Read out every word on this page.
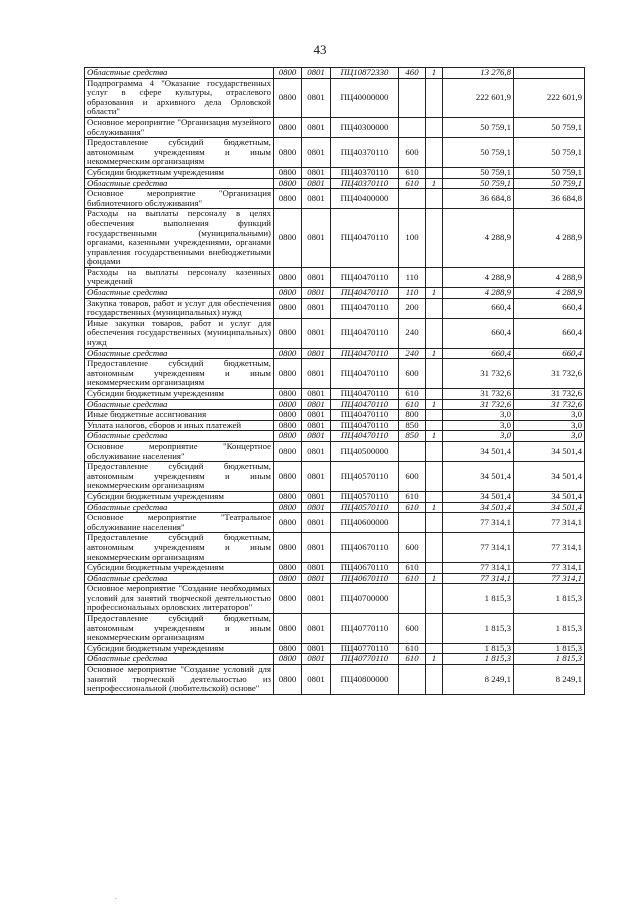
43
Областные средства	0800	0801	ПЦ10872330	460	1	13 276,8	
Подпрограмма 4 "Оказание государственных услуг в сфере культуры, отраслевого образования и архивного дела Орловской области"	0800	0801	ПЦ40000000			222 601,9	222 601,9
Основное мероприятие "Организация музейного обслуживания"	0800	0801	ПЦ40300000			50 759,1	50 759,1
Предоставление субсидий бюджетным, автономным учреждениям и иным некоммерческим организациям	0800	0801	ПЦ40370110	600		50 759,1	50 759,1
Субсидии бюджетным учреждениям	0800	0801	ПЦ40370110	610		50 759,1	50 759,1
Областные средства	0800	0801	ПЦ40370110	610	1	50 759,1	50 759,1
Основное мероприятие "Организация библиотечного обслуживания"	0800	0801	ПЦ40400000			36 684,8	36 684,8
Расходы на выплаты персоналу в целях обеспечения выполнения функций государственными (муниципальными) органами, казенными учреждениями, органами управления государственными внебюджетными фондами	0800	0801	ПЦ40470110	100		4 288,9	4 288,9
Расходы на выплаты персоналу казенных учреждений	0800	0801	ПЦ40470110	110		4 288,9	4 288,9
Областные средства	0800	0801	ПЦ40470110	110	1	4 288,9	4 288,9
Закупка товаров, работ и услуг для обеспечения государственных (муниципальных) нужд	0800	0801	ПЦ40470110	200		660,4	660,4
Иные закупки товаров, работ и услуг для обеспечения государственных (муниципальных) нужд	0800	0801	ПЦ40470110	240		660,4	660,4
Областные средства	0800	0801	ПЦ40470110	240	1	660,4	660,4
Предоставление субсидий бюджетным, автономным учреждениям и иным некоммерческим организациям	0800	0801	ПЦ40470110	600		31 732,6	31 732,6
Субсидии бюджетным учреждениям	0800	0801	ПЦ40470110	610		31 732,6	31 732,6
Областные средства	0800	0801	ПЦ40470110	610	1	31 732,6	31 732,6
Иные бюджетные ассигнования	0800	0801	ПЦ40470110	800		3,0	3,0
Уплата налогов, сборов и иных платежей	0800	0801	ПЦ40470110	850		3,0	3,0
Областные средства	0800	0801	ПЦ40470110	850	1	3,0	3,0
Основное мероприятие "Концертное обслуживание населения"	0800	0801	ПЦ40500000			34 501,4	34 501,4
Предоставление субсидий бюджетным, автономным учреждениям и иным некоммерческим организациям	0800	0801	ПЦ40570110	600		34 501,4	34 501,4
Субсидии бюджетным учреждениям	0800	0801	ПЦ40570110	610		34 501,4	34 501,4
Областные средства	0800	0801	ПЦ40570110	610	1	34 501,4	34 501,4
Основное мероприятие "Театральное обслуживание населения"	0800	0801	ПЦ40600000			77 314,1	77 314,1
Предоставление субсидий бюджетным, автономным учреждениям и иным некоммерческим организациям	0800	0801	ПЦ40670110	600		77 314,1	77 314,1
Субсидии бюджетным учреждениям	0800	0801	ПЦ40670110	610		77 314,1	77 314,1
Областные средства	0800	0801	ПЦ40670110	610	1	77 314,1	77 314,1
Основное мероприятие "Создание необходимых условий для занятий творческой деятельностью профессиональных орловских литераторов"	0800	0801	ПЦ40700000			1 815,3	1 815,3
Предоставление субсидий бюджетным, автономным учреждениям и иным некоммерческим организациям	0800	0801	ПЦ40770110	600		1 815,3	1 815,3
Субсидии бюджетным учреждениям	0800	0801	ПЦ40770110	610		1 815,3	1 815,3
Областные средства	0800	0801	ПЦ40770110	610	1	1 815,3	1 815,3
Основное мероприятие "Создание условий для занятий творческой деятельностью из непрофессиональной (любительской) основе"	0800	0801	ПЦ40800000			8 249,1	8 249,1
.
